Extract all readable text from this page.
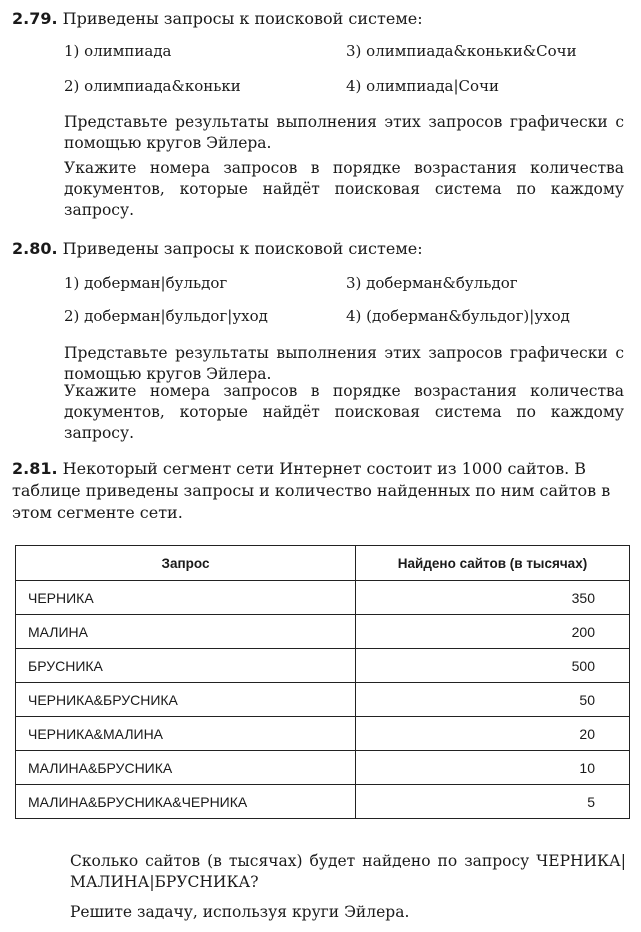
2.79. Приведены запросы к поисковой системе:
1) олимпиада	3) олимпиада&коньки&Сочи
2) олимпиада&коньки	4) олимпиада|Сочи
Представьте результаты выполнения этих запросов графически с помощью кругов Эйлера.
Укажите номера запросов в порядке возрастания количества документов, которые найдёт поисковая система по каждому запросу.
2.80. Приведены запросы к поисковой системе:
1) доберман|бульдог	3) доберман&бульдог
2) доберман|бульдог|уход	4) (доберман&бульдог)|уход
Представьте результаты выполнения этих запросов графически с помощью кругов Эйлера.
Укажите номера запросов в порядке возрастания количества документов, которые найдёт поисковая система по каждому запросу.
2.81. Некоторый сегмент сети Интернет состоит из 1000 сайтов. В таблице приведены запросы и количество найденных по ним сайтов в этом сегменте сети.
Запрос	Найдено сайтов (в тысячах)
ЧЕРНИКА	350
МАЛИНА	200
БРУСНИКА	500
ЧЕРНИКА&БРУСНИКА	50
ЧЕРНИКА&МАЛИНА	20
МАЛИНА&БРУСНИКА	10
МАЛИНА&БРУСНИКА&ЧЕРНИКА	5
Сколько сайтов (в тысячах) будет найдено по запросу ЧЕРНИКА|МАЛИНА|БРУСНИКА?
Решите задачу, используя круги Эйлера.
